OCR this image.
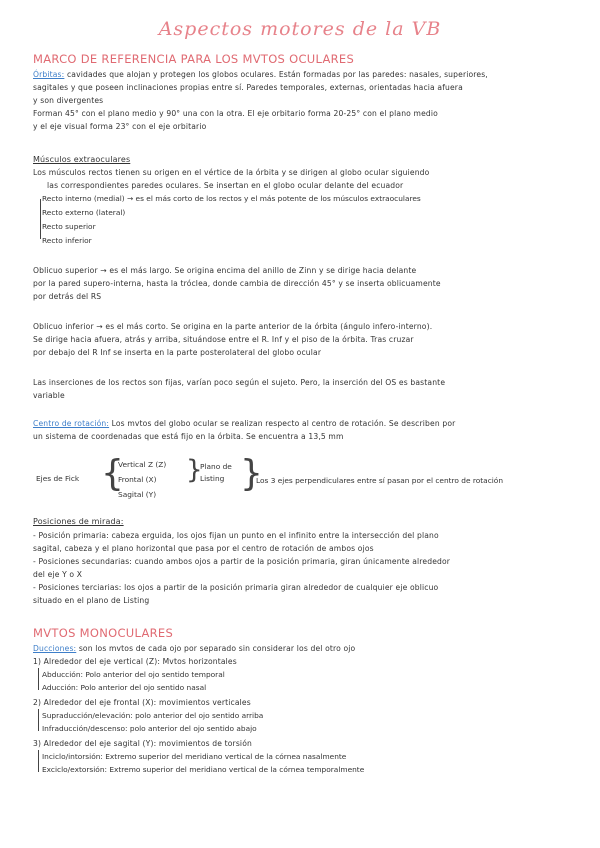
Aspectos motores de la VB
MARCO DE REFERENCIA PARA LOS MVTOS OCULARES
Órbitas: cavidades que alojan y protegen los globos oculares. Están formadas por las paredes: nasales, superiores,
sagitales y que poseen inclinaciones propias entre sí. Paredes temporales, externas, orientadas hacia afuera
y son divergentes
Forman 45° con el plano medio y 90° una con la otra. El eje orbitario forma 20-25° con el plano medio
y el eje visual forma 23° con el eje orbitario
Músculos extraoculares
Los músculos rectos tienen su origen en el vértice de la órbita y se dirigen al globo ocular siguiendo
las correspondientes paredes oculares. Se insertan en el globo ocular delante del ecuador
Recto interno (medial) → es el más corto de los rectos y el más potente de los músculos extraoculares
Recto externo (lateral)
Recto superior
Recto inferior
Oblicuo superior → es el más largo. Se origina encima del anillo de Zinn y se dirige hacia delante
por la pared supero-interna, hasta la tróclea, donde cambia de dirección 45° y se inserta oblicuamente
por detrás del RS
Oblicuo inferior → es el más corto. Se origina en la parte anterior de la órbita (ángulo infero-interno).
Se dirige hacia afuera, atrás y arriba, situándose entre el R. Inf y el piso de la órbita. Tras cruzar
por debajo del R Inf se inserta en la parte posterolateral del globo ocular
Las inserciones de los rectos son fijas, varían poco según el sujeto. Pero, la inserción del OS es bastante
variable
Centro de rotación: Los mvtos del globo ocular se realizan respecto al centro de rotación. Se describen por
un sistema de coordenadas que está fijo en la órbita. Se encuentra a 13,5 mm
Ejes de Fick {
Vertical Z (Z)
Frontal (X)
Sagital (Y)
}
Plano de
Listing }
Los 3 ejes perpendiculares entre sí pasan por el centro de rotación
Posiciones de mirada:
- Posición primaria: cabeza erguida, los ojos fijan un punto en el infinito entre la intersección del plano
sagital, cabeza y el plano horizontal que pasa por el centro de rotación de ambos ojos
- Posiciones secundarias: cuando ambos ojos a partir de la posición primaria, giran únicamente alrededor
del eje Y o X
- Posiciones terciarias: los ojos a partir de la posición primaria giran alrededor de cualquier eje oblicuo
situado en el plano de Listing
MVTOS MONOCULARES
Ducciones: son los mvtos de cada ojo por separado sin considerar los del otro ojo
1) Alrededor del eje vertical (Z): Mvtos horizontales
Abducción: Polo anterior del ojo sentido temporal
Aducción: Polo anterior del ojo sentido nasal
2) Alrededor del eje frontal (X): movimientos verticales
Supraducción/elevación: polo anterior del ojo sentido arriba
Infraducción/descenso: polo anterior del ojo sentido abajo
3) Alrededor del eje sagital (Y): movimientos de torsión
Inciclo/intorsión: Extremo superior del meridiano vertical de la córnea nasalmente
Exciclo/extorsión: Extremo superior del meridiano vertical de la córnea temporalmente
